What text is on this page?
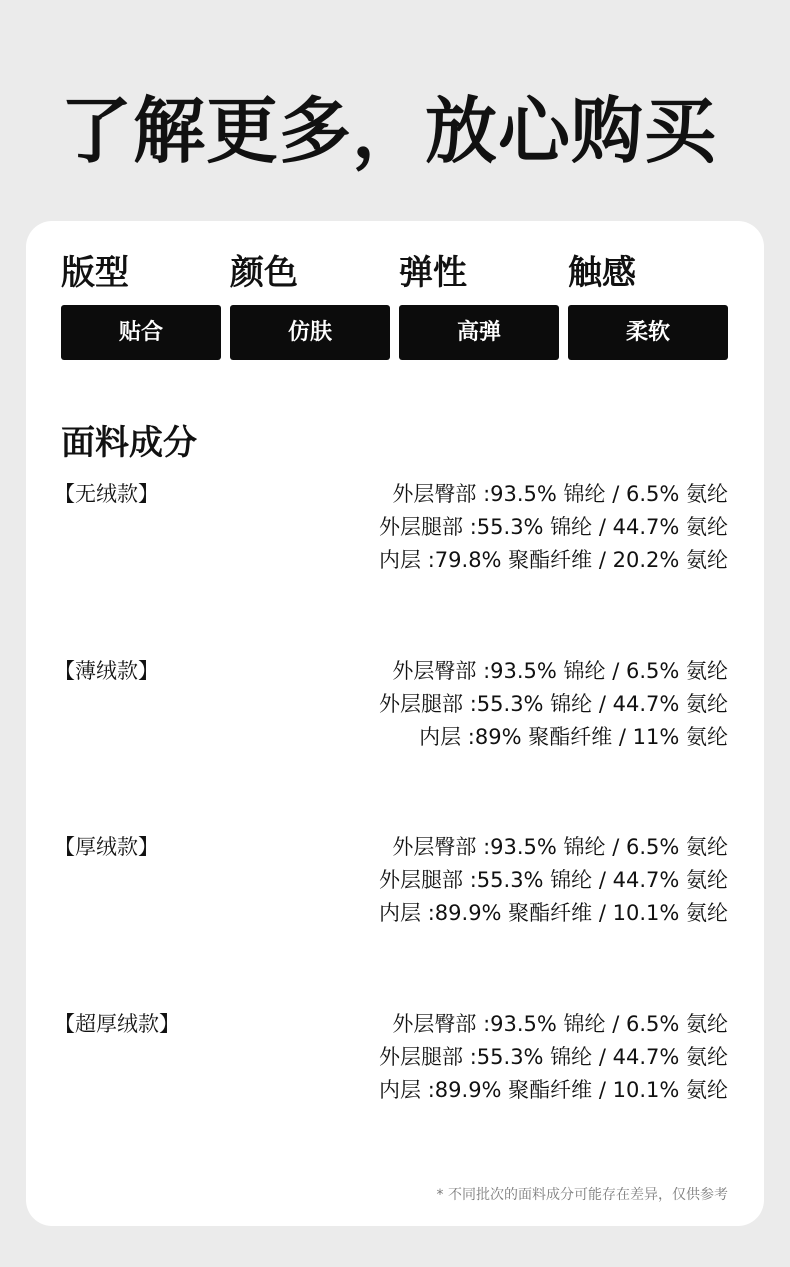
了解更多，放心购买
版型
贴合
颜色
仿肤
弹性
高弹
触感
柔软
面料成分
【无绒款】	外层臀部 :93.5% 锦纶 / 6.5% 氨纶
外层腿部 :55.3% 锦纶 / 44.7% 氨纶
内层 :79.8% 聚酯纤维 / 20.2% 氨纶
【薄绒款】	外层臀部 :93.5% 锦纶 / 6.5% 氨纶
外层腿部 :55.3% 锦纶 / 44.7% 氨纶
内层 :89% 聚酯纤维 / 11% 氨纶
【厚绒款】	外层臀部 :93.5% 锦纶 / 6.5% 氨纶
外层腿部 :55.3% 锦纶 / 44.7% 氨纶
内层 :89.9% 聚酯纤维 / 10.1% 氨纶
【超厚绒款】	外层臀部 :93.5% 锦纶 / 6.5% 氨纶
外层腿部 :55.3% 锦纶 / 44.7% 氨纶
内层 :89.9% 聚酯纤维 / 10.1% 氨纶
* 不同批次的面料成分可能存在差异，仅供参考
